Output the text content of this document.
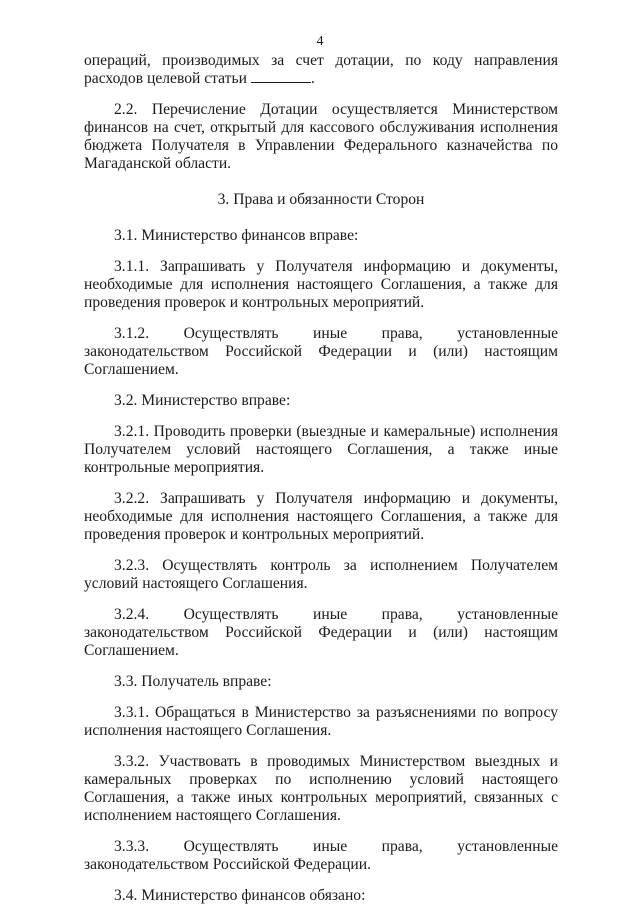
4

операций, производимых за счет дотации, по коду направления расходов целевой статьи	.

2.2. Перечисление Дотации осуществляется Министерством финансов на счет, открытый для кассового обслуживания исполнения бюджета Получателя в Управлении Федерального казначейства по Магаданской области.

3. Права и обязанности Сторон

3.1. Министерство финансов вправе:

3.1.1. Запрашивать у Получателя информацию и документы, необходимые для исполнения настоящего Соглашения, а также для проведения проверок и контрольных мероприятий.

3.1.2. Осуществлять иные права, установленные законодательством Российской Федерации и (или) настоящим Соглашением.

3.2. Министерство вправе:

3.2.1. Проводить проверки (выездные и камеральные) исполнения Получателем условий настоящего Соглашения, а также иные контрольные мероприятия.

3.2.2. Запрашивать у Получателя информацию и документы, необходимые для исполнения настоящего Соглашения, а также для проведения проверок и контрольных мероприятий.

3.2.3. Осуществлять контроль за исполнением Получателем условий настоящего Соглашения.

3.2.4. Осуществлять иные права, установленные законодательством Российской Федерации и (или) настоящим Соглашением.

3.3. Получатель вправе:

3.3.1. Обращаться в Министерство за разъяснениями по вопросу исполнения настоящего Соглашения.

3.3.2. Участвовать в проводимых Министерством выездных и камеральных проверках по исполнению условий настоящего Соглашения, а также иных контрольных мероприятий, связанных с исполнением настоящего Соглашения.

3.3.3. Осуществлять иные права, установленные законодательством Российской Федерации.

3.4. Министерство финансов обязано:
